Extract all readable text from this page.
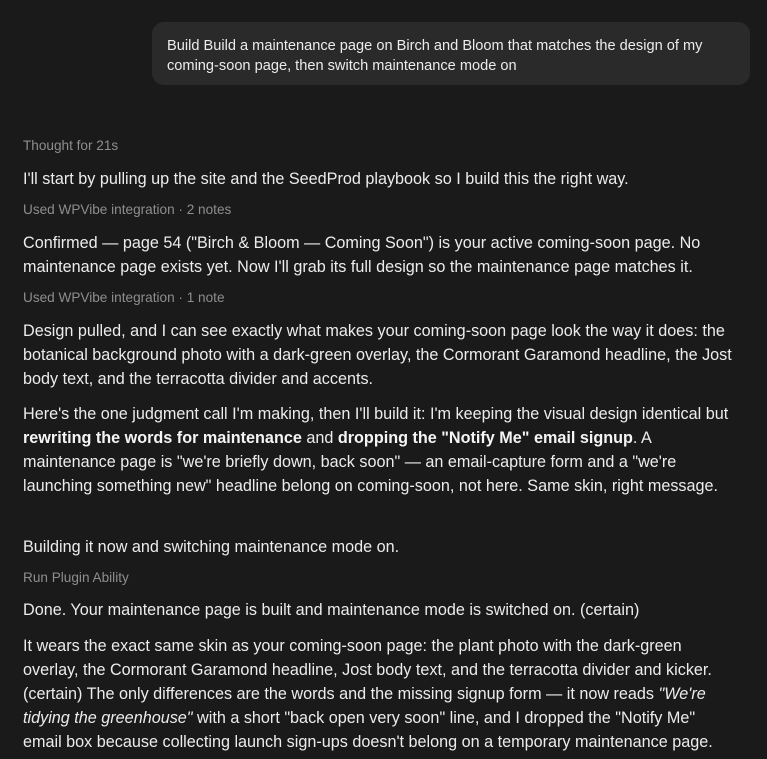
Build Build a maintenance page on Birch and Bloom that matches the design of my coming-soon page, then switch maintenance mode on
Thought for 21s
I'll start by pulling up the site and the SeedProd playbook so I build this the right way.
Used WPVibe integration · 2 notes
Confirmed — page 54 ("Birch & Bloom — Coming Soon") is your active coming-soon page. No maintenance page exists yet. Now I'll grab its full design so the maintenance page matches it.
Used WPVibe integration · 1 note
Design pulled, and I can see exactly what makes your coming-soon page look the way it does: the botanical background photo with a dark-green overlay, the Cormorant Garamond headline, the Jost body text, and the terracotta divider and accents.
Here's the one judgment call I'm making, then I'll build it: I'm keeping the visual design identical but rewriting the words for maintenance and dropping the "Notify Me" email signup. A maintenance page is "we're briefly down, back soon" — an email-capture form and a "we're launching something new" headline belong on coming-soon, not here. Same skin, right message.
Building it now and switching maintenance mode on.
Run Plugin Ability
Done. Your maintenance page is built and maintenance mode is switched on. (certain)
It wears the exact same skin as your coming-soon page: the plant photo with the dark-green overlay, the Cormorant Garamond headline, Jost body text, and the terracotta divider and kicker. (certain) The only differences are the words and the missing signup form — it now reads "We're tidying the greenhouse" with a short "back open very soon" line, and I dropped the "Notify Me" email box because collecting launch sign-ups doesn't belong on a temporary maintenance page.
